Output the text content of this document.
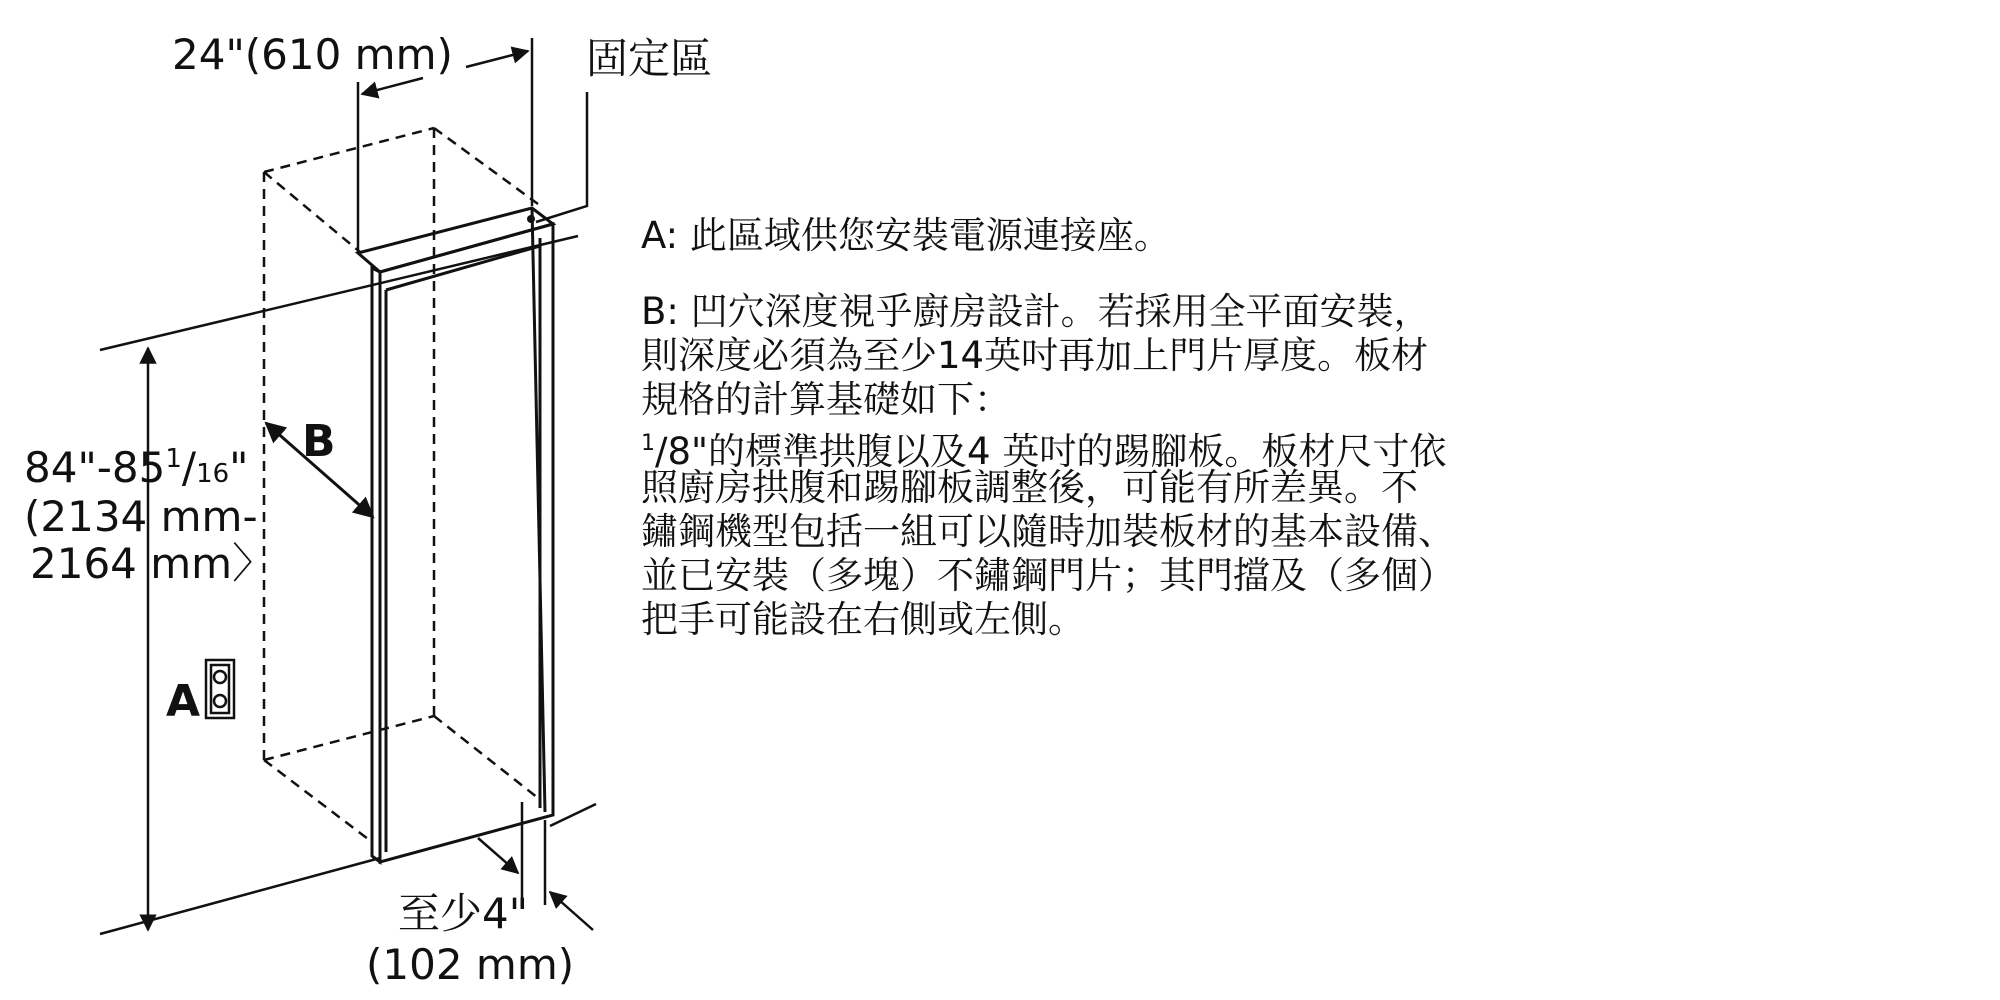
24"(610 mm)	固定區
$84"-85^1/16$"
(2134 mm-
2164 mm〉
B
A
至少4"
(102 mm)
A: 此區域供您安裝電源連接座。
B: 凹穴深度視乎廚房設計。若採用全平面安裝，
則深度必須為至少14英吋再加上門片厚度。板材
規格的計算基礎如下：
$^1$/8"的標準拱腹以及4 英吋的踢腳板。板材尺寸依
照廚房拱腹和踢腳板調整後，可能有所差異。不
鏽鋼機型包括一組可以隨時加裝板材的基本設備、
並已安裝（多塊）不鏽鋼門片；其門擋及（多個）
把手可能設在右側或左側。
